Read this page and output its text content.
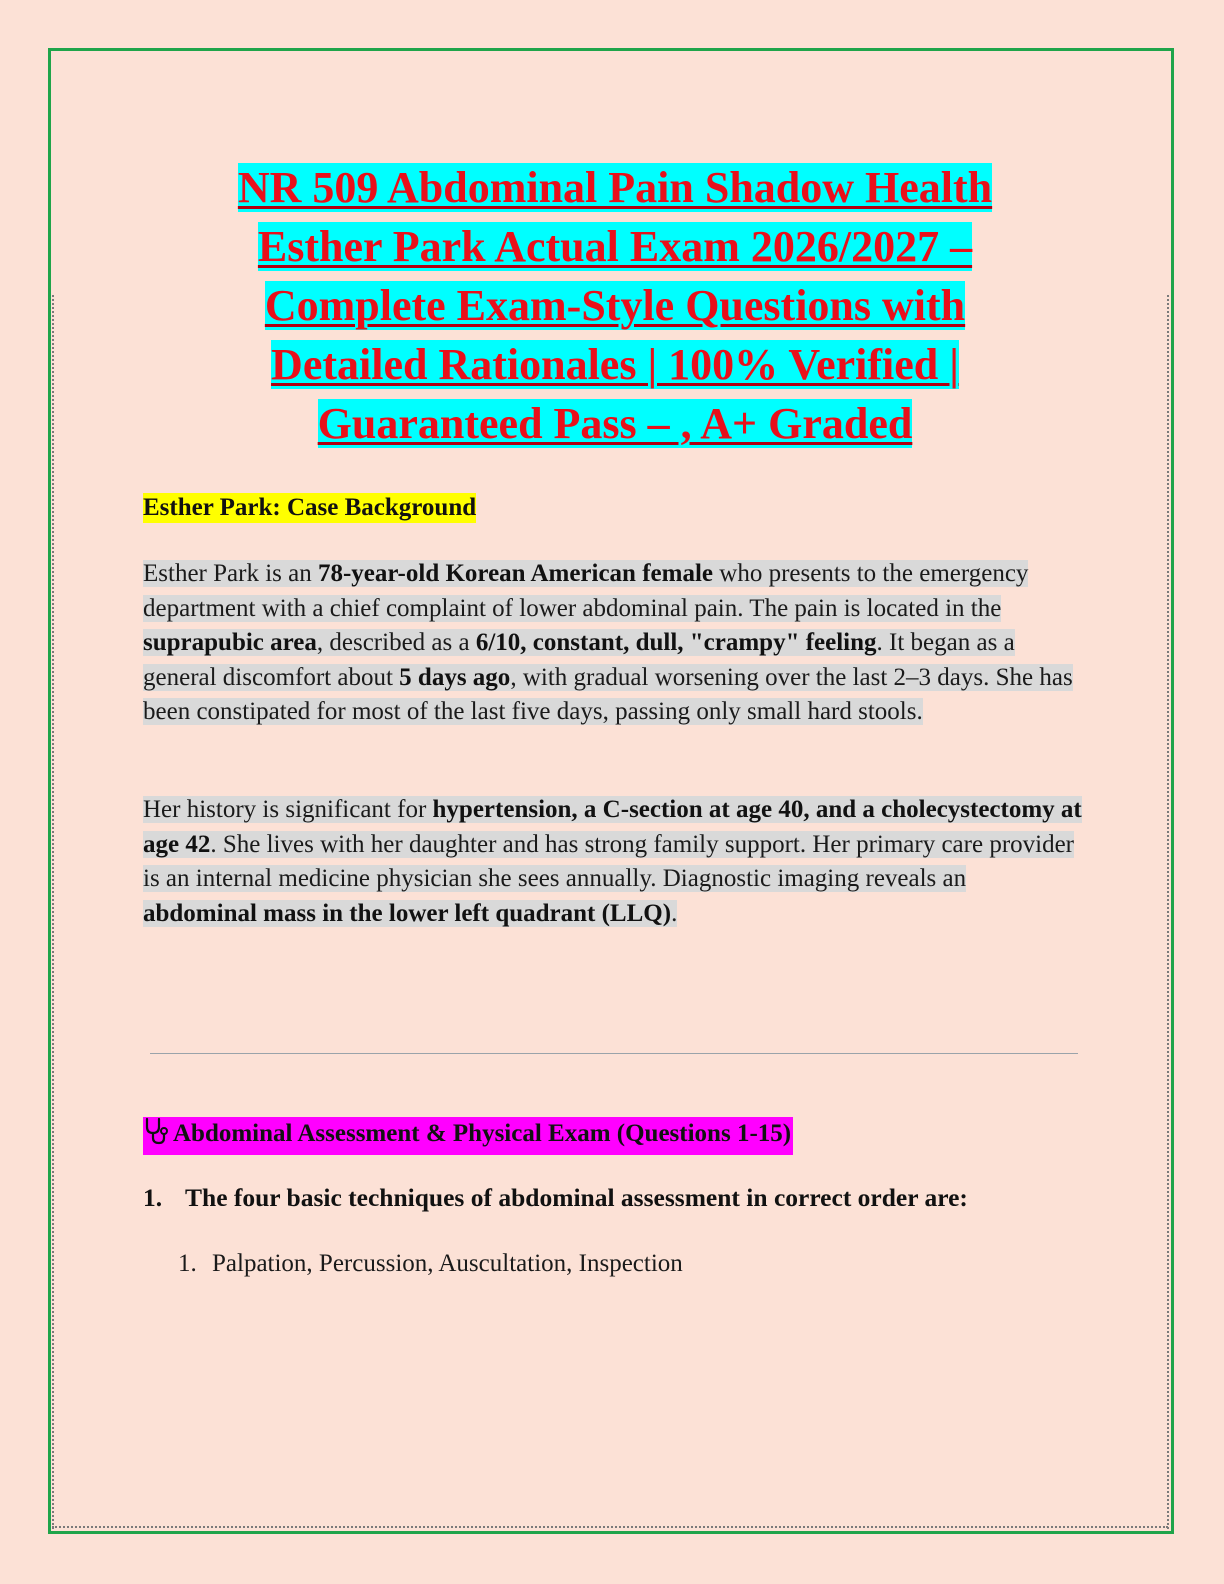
NR 509 Abdominal Pain Shadow Health
Esther Park Actual Exam 2026/2027 –
Complete Exam-Style Questions with
Detailed Rationales | 100% Verified |
Guaranteed Pass – , A+ Graded
Esther Park: Case Background
Esther Park is an 78-year-old Korean American female who presents to the emergency department with a chief complaint of lower abdominal pain. The pain is located in the suprapubic area, described as a 6/10, constant, dull, "crampy" feeling. It began as a general discomfort about 5 days ago, with gradual worsening over the last 2–3 days. She has been constipated for most of the last five days, passing only small hard stools.
Her history is significant for hypertension, a C-section at age 40, and a cholecystectomy at age 42. She lives with her daughter and has strong family support. Her primary care provider is an internal medicine physician she sees annually. Diagnostic imaging reveals an abdominal mass in the lower left quadrant (LLQ).
Abdominal Assessment & Physical Exam (Questions 1-15)
1. The four basic techniques of abdominal assessment in correct order are:
1. Palpation, Percussion, Auscultation, Inspection
